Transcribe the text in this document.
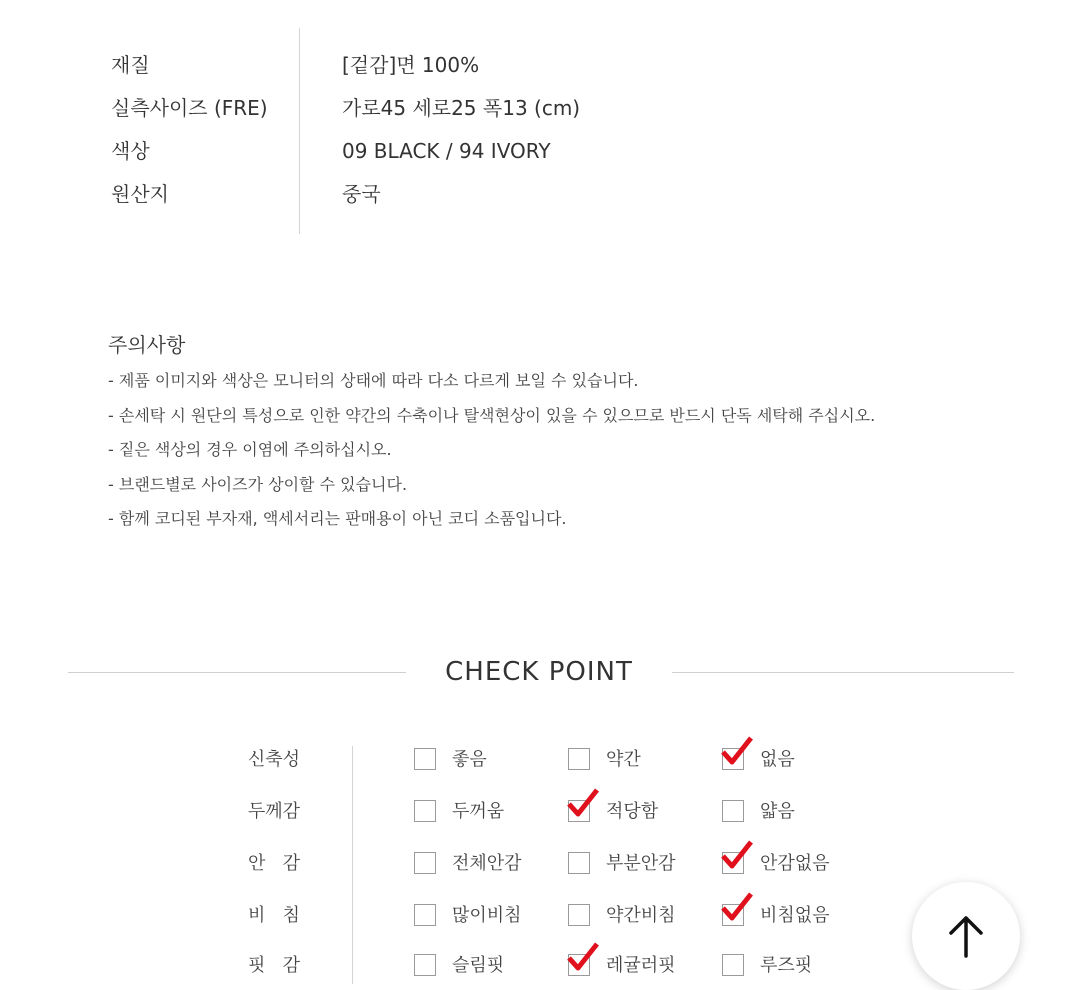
재질	[겉감]면 100%
실측사이즈 (FRE)	가로45 세로25 폭13 (cm)
색상	09 BLACK / 94 IVORY
원산지	중국
주의사항
- 제품 이미지와 색상은 모니터의 상태에 따라 다소 다르게 보일 수 있습니다.
- 손세탁 시 원단의 특성으로 인한 약간의 수축이나 탈색현상이 있을 수 있으므로 반드시 단독 세탁해 주십시오.
- 짙은 색상의 경우 이염에 주의하십시오.
- 브랜드별로 사이즈가 상이할 수 있습니다.
- 함께 코디된 부자재, 액세서리는 판매용이 아닌 코디 소품입니다.
CHECK POINT
신축성	좋음	약간	없음
두께감	두꺼움	적당함	얇음
안   감	전체안감	부분안감	안감없음
비   침	많이비침	약간비침	비침없음
핏   감	슬림핏	레귤러핏	루즈핏
